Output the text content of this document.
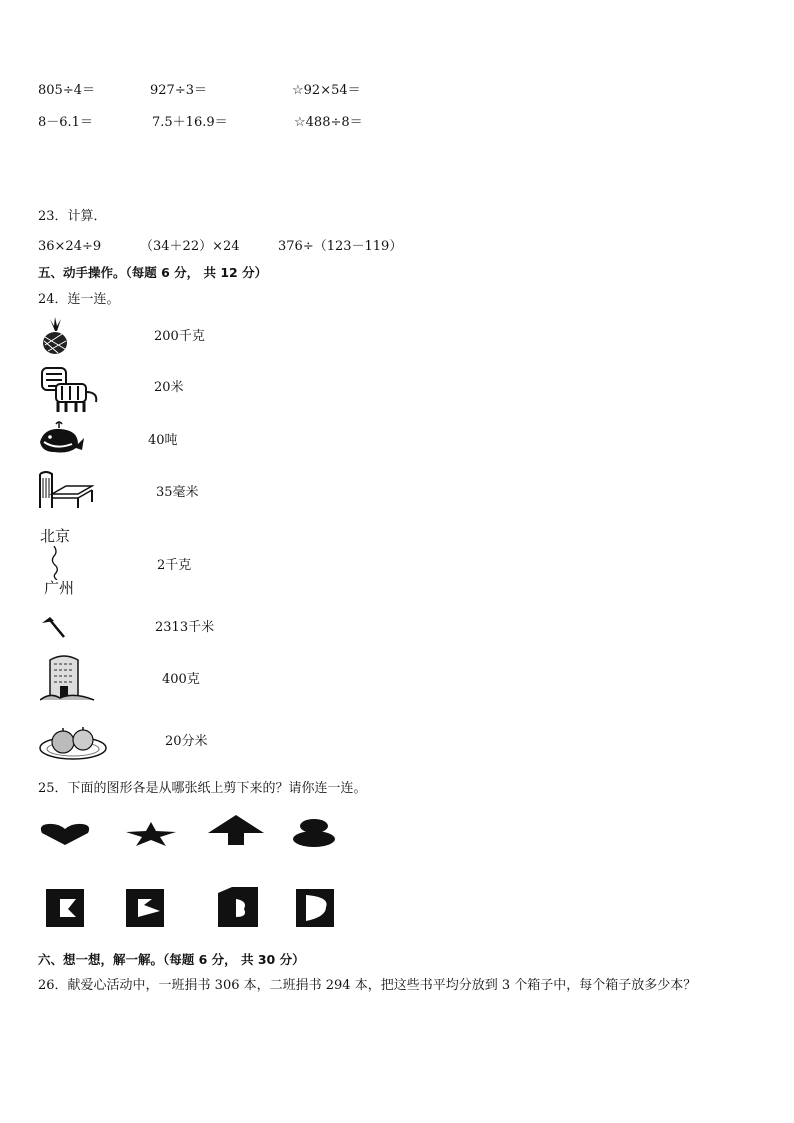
805÷4＝	927÷3＝	☆92×54＝
8－6.1＝	7.5＋16.9＝	☆488÷8＝
23．计算．
36×24÷9	（34＋22）×24	376÷（123－119）
五、动手操作。（每题 6 分， 共 12 分）
24．连一连。
北京
广州
200千克
20米
40吨
35毫米
2千克
2313千米
400克
20分米
25．下面的图形各是从哪张纸上剪下来的？请你连一连。
六、想一想，解一解。（每题 6 分， 共 30 分）
26．献爱心活动中，一班捐书 306 本，二班捐书 294 本，把这些书平均分放到 3 个箱子中，每个箱子放多少本？
